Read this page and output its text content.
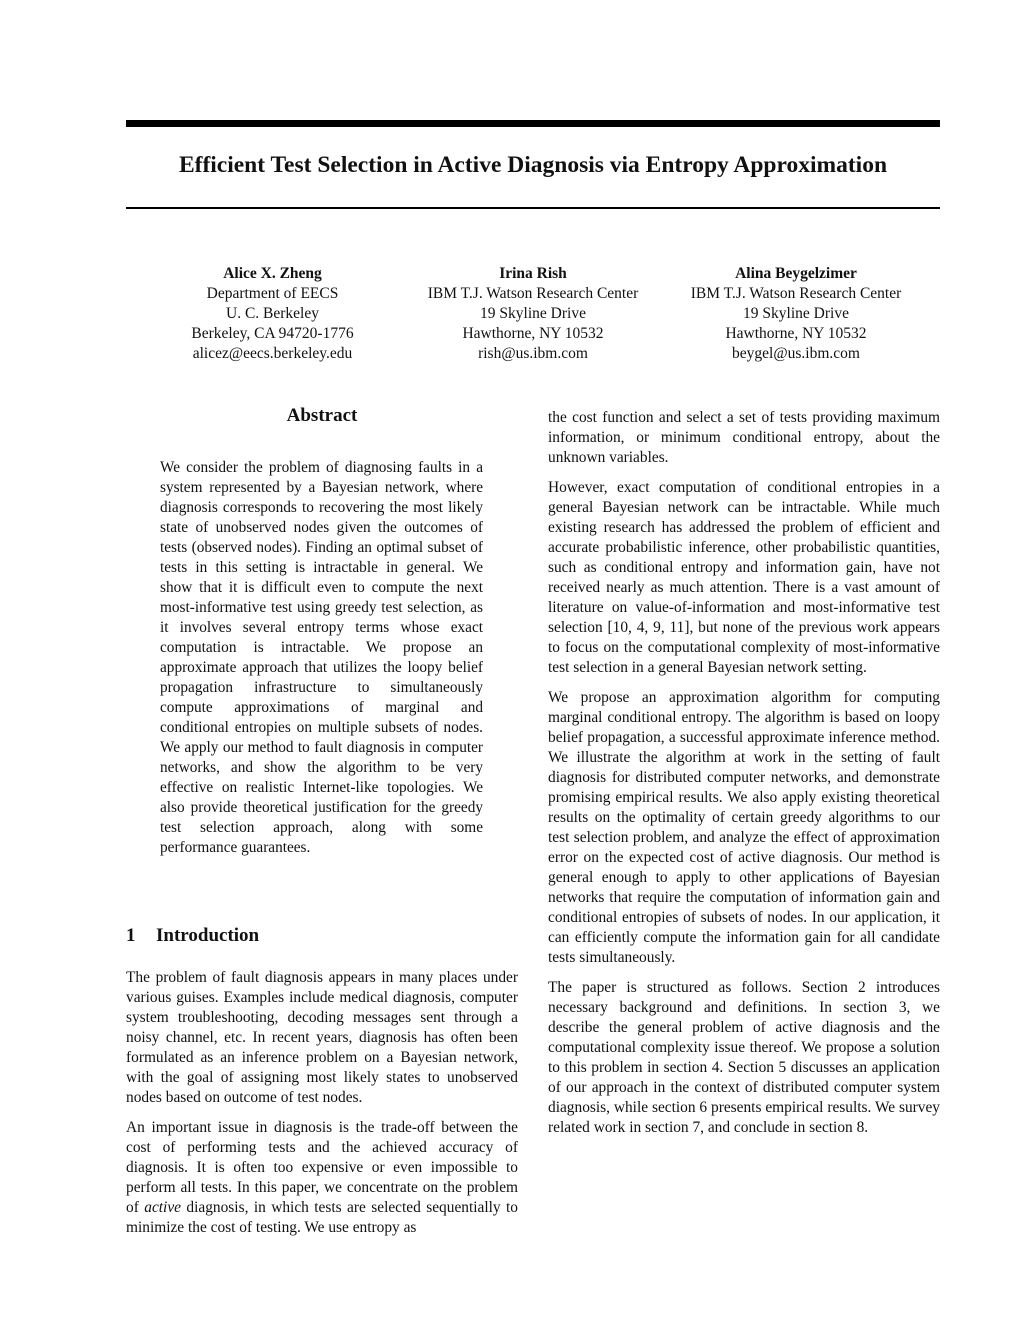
Efficient Test Selection in Active Diagnosis via Entropy Approximation
Alice X. Zheng
Department of EECS
U. C. Berkeley
Berkeley, CA 94720-1776
alicez@eecs.berkeley.edu
Irina Rish
IBM T.J. Watson Research Center
19 Skyline Drive
Hawthorne, NY 10532
rish@us.ibm.com
Alina Beygelzimer
IBM T.J. Watson Research Center
19 Skyline Drive
Hawthorne, NY 10532
beygel@us.ibm.com
Abstract

We consider the problem of diagnosing faults in a system represented by a Bayesian network, where diagnosis corresponds to recovering the most likely state of unobserved nodes given the outcomes of tests (observed nodes). Finding an optimal subset of tests in this setting is intractable in general. We show that it is difficult even to compute the next most-informative test using greedy test selection, as it involves several entropy terms whose exact computation is intractable. We propose an approximate approach that utilizes the loopy belief propagation infrastructure to simultaneously compute approximations of marginal and conditional entropies on multiple subsets of nodes. We apply our method to fault diagnosis in computer networks, and show the algorithm to be very effective on realistic Internet-like topologies. We also provide theoretical justification for the greedy test selection approach, along with some performance guarantees.

1 Introduction

The problem of fault diagnosis appears in many places under various guises. Examples include medical diagnosis, computer system troubleshooting, decoding messages sent through a noisy channel, etc. In recent years, diagnosis has often been formulated as an inference problem on a Bayesian network, with the goal of assigning most likely states to unobserved nodes based on outcome of test nodes.

An important issue in diagnosis is the trade-off between the cost of performing tests and the achieved accuracy of diagnosis. It is often too expensive or even impossible to perform all tests. In this paper, we concentrate on the problem of active diagnosis, in which tests are selected sequentially to minimize the cost of testing. We use entropy as

the cost function and select a set of tests providing maximum information, or minimum conditional entropy, about the unknown variables.

However, exact computation of conditional entropies in a general Bayesian network can be intractable. While much existing research has addressed the problem of efficient and accurate probabilistic inference, other probabilistic quantities, such as conditional entropy and information gain, have not received nearly as much attention. There is a vast amount of literature on value-of-information and most-informative test selection [10, 4, 9, 11], but none of the previous work appears to focus on the computational complexity of most-informative test selection in a general Bayesian network setting.

We propose an approximation algorithm for computing marginal conditional entropy. The algorithm is based on loopy belief propagation, a successful approximate inference method. We illustrate the algorithm at work in the setting of fault diagnosis for distributed computer networks, and demonstrate promising empirical results. We also apply existing theoretical results on the optimality of certain greedy algorithms to our test selection problem, and analyze the effect of approximation error on the expected cost of active diagnosis. Our method is general enough to apply to other applications of Bayesian networks that require the computation of information gain and conditional entropies of subsets of nodes. In our application, it can efficiently compute the information gain for all candidate tests simultaneously.

The paper is structured as follows. Section 2 introduces necessary background and definitions. In section 3, we describe the general problem of active diagnosis and the computational complexity issue thereof. We propose a solution to this problem in section 4. Section 5 discusses an application of our approach in the context of distributed computer system diagnosis, while section 6 presents empirical results. We survey related work in section 7, and conclude in section 8.
